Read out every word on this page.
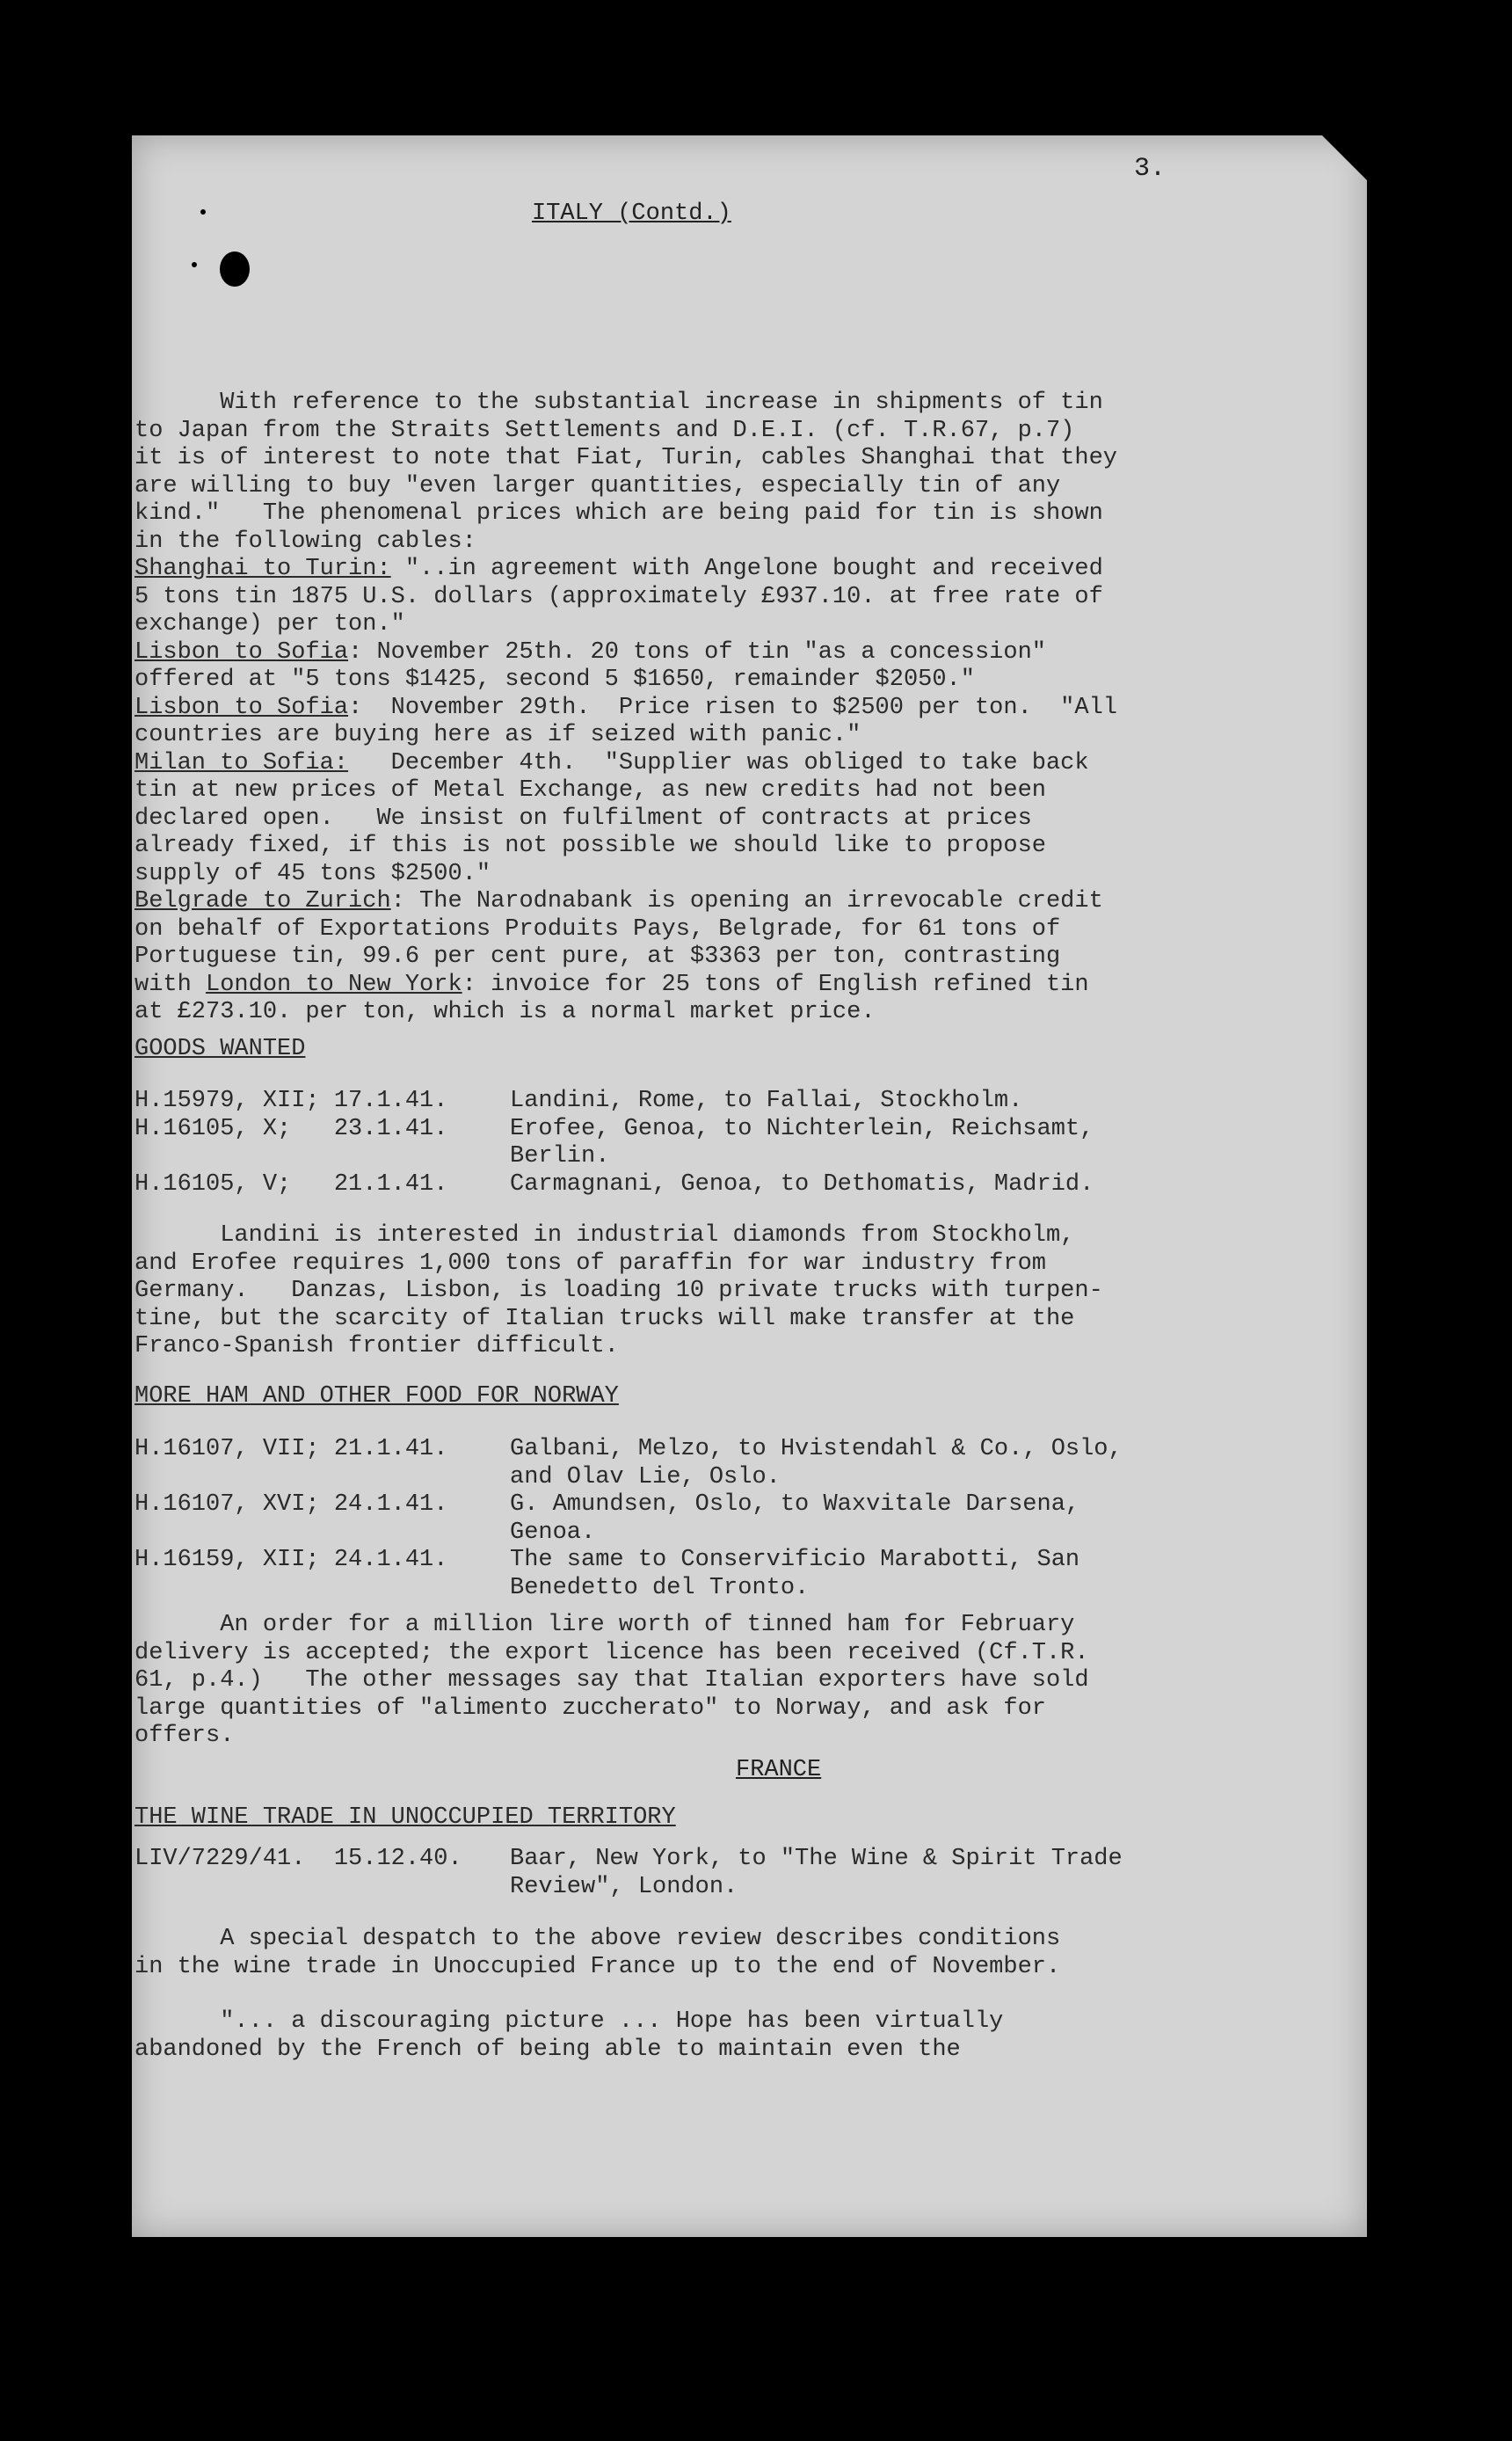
3.
ITALY (Contd.)
With reference to the substantial increase in shipments of tin
to Japan from the Straits Settlements and D.E.I. (cf. T.R.67, p.7)
it is of interest to note that Fiat, Turin, cables Shanghai that they
are willing to buy "even larger quantities, especially tin of any
kind."   The phenomenal prices which are being paid for tin is shown
in the following cables:
Shanghai to Turin: "..in agreement with Angelone bought and received
5 tons tin 1875 U.S. dollars (approximately £937.10. at free rate of
exchange) per ton."
Lisbon to Sofia: November 25th. 20 tons of tin "as a concession"
offered at "5 tons $1425, second 5 $1650, remainder $2050."
Lisbon to Sofia:  November 29th.  Price risen to $2500 per ton.  "All
countries are buying here as if seized with panic."
Milan to Sofia:   December 4th.  "Supplier was obliged to take back
tin at new prices of Metal Exchange, as new credits had not been
declared open.   We insist on fulfilment of contracts at prices
already fixed, if this is not possible we should like to propose
supply of 45 tons $2500."
Belgrade to Zurich: The Narodnabank is opening an irrevocable credit
on behalf of Exportations Produits Pays, Belgrade, for 61 tons of
Portuguese tin, 99.6 per cent pure, at $3363 per ton, contrasting
with London to New York: invoice for 25 tons of English refined tin
at £273.10. per ton, which is a normal market price.
GOODS WANTED
H.15979, XII; 17.1.41.	Landini, Rome, to Fallai, Stockholm.
H.16105, X;   23.1.41.	Erofee, Genoa, to Nichterlein, Reichsamt,
Berlin.
H.16105, V;   21.1.41.	Carmagnani, Genoa, to Dethomatis, Madrid.
Landini is interested in industrial diamonds from Stockholm,
and Erofee requires 1,000 tons of paraffin for war industry from
Germany.   Danzas, Lisbon, is loading 10 private trucks with turpen-
tine, but the scarcity of Italian trucks will make transfer at the
Franco-Spanish frontier difficult.
MORE HAM AND OTHER FOOD FOR NORWAY
H.16107, VII; 21.1.41.	Galbani, Melzo, to Hvistendahl & Co., Oslo,
and Olav Lie, Oslo.
H.16107, XVI; 24.1.41.	G. Amundsen, Oslo, to Waxvitale Darsena,
Genoa.
H.16159, XII; 24.1.41.	The same to Conservificio Marabotti, San
Benedetto del Tronto.
An order for a million lire worth of tinned ham for February
delivery is accepted; the export licence has been received (Cf.T.R.
61, p.4.)   The other messages say that Italian exporters have sold
large quantities of "alimento zuccherato" to Norway, and ask for
offers.
FRANCE
THE WINE TRADE IN UNOCCUPIED TERRITORY
LIV/7229/41.  15.12.40. Baar, New York, to "The Wine & Spirit Trade
Review", London.
A special despatch to the above review describes conditions
in the wine trade in Unoccupied France up to the end of November.
"... a discouraging picture ... Hope has been virtually
abandoned by the French of being able to maintain even the
